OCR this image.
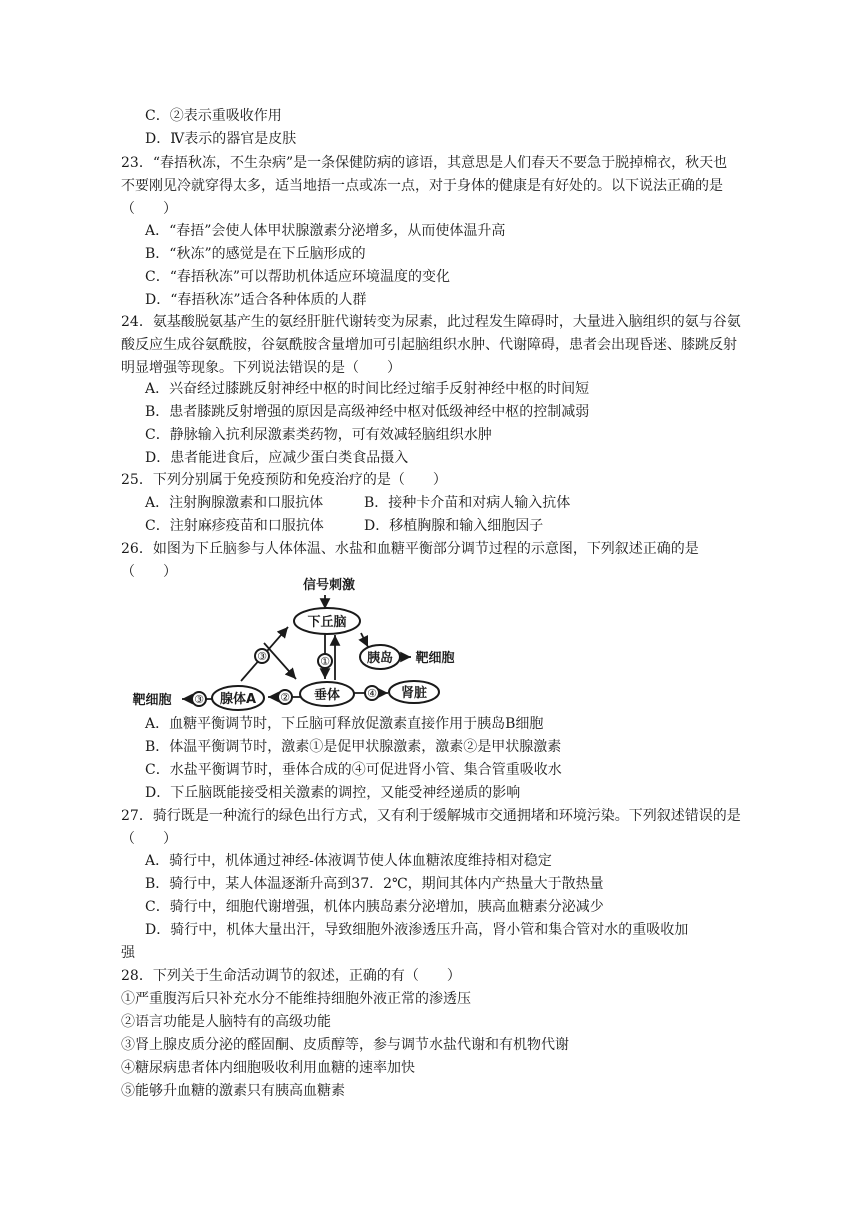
C．②表示重吸收作用
D．Ⅳ表示的器官是皮肤
23．“春捂秋冻，不生杂病”是一条保健防病的谚语，其意思是人们春天不要急于脱掉棉衣，秋天也不要刚见冷就穿得太多，适当地捂一点或冻一点，对于身体的健康是有好处的。以下说法正确的是（　　）
A．“春捂”会使人体甲状腺激素分泌增多，从而使体温升高
B．“秋冻”的感觉是在下丘脑形成的
C．“春捂秋冻”可以帮助机体适应环境温度的变化
D．“春捂秋冻”适合各种体质的人群
24．氨基酸脱氨基产生的氨经肝脏代谢转变为尿素，此过程发生障碍时，大量进入脑组织的氨与谷氨酸反应生成谷氨酰胺，谷氨酰胺含量增加可引起脑组织水肿、代谢障碍，患者会出现昏迷、膝跳反射明显增强等现象。下列说法错误的是（　　）
A．兴奋经过膝跳反射神经中枢的时间比经过缩手反射神经中枢的时间短
B．患者膝跳反射增强的原因是高级神经中枢对低级神经中枢的控制减弱
C．静脉输入抗利尿激素类药物，可有效减轻脑组织水肿
D．患者能进食后，应减少蛋白类食品摄入
25．下列分别属于免疫预防和免疫治疗的是（　　）
A．注射胸腺激素和口服抗体	B．接种卡介苗和对病人输入抗体
C．注射麻疹疫苗和口服抗体	D．移植胸腺和输入细胞因子
26．如图为下丘脑参与人体体温、水盐和血糖平衡部分调节过程的示意图，下列叙述正确的是（　　）
信号刺激
下丘脑
胰岛 靶细胞
腺体A	垂体	肾脏
靶细胞
③	①
②
③	④
A．血糖平衡调节时，下丘脑可释放促激素直接作用于胰岛B细胞
B．体温平衡调节时，激素①是促甲状腺激素，激素②是甲状腺激素
C．水盐平衡调节时，垂体合成的④可促进肾小管、集合管重吸收水
D．下丘脑既能接受相关激素的调控，又能受神经递质的影响
27．骑行既是一种流行的绿色出行方式，又有利于缓解城市交通拥堵和环境污染。下列叙述错误的是（　　）
A．骑行中，机体通过神经-体液调节使人体血糖浓度维持相对稳定
B．骑行中，某人体温逐渐升高到37．2℃，期间其体内产热量大于散热量
C．骑行中，细胞代谢增强，机体内胰岛素分泌增加，胰高血糖素分泌减少
D．骑行中，机体大量出汗，导致细胞外液渗透压升高，肾小管和集合管对水的重吸收加
强
28．下列关于生命活动调节的叙述，正确的有（　　）
①严重腹泻后只补充水分不能维持细胞外液正常的渗透压
②语言功能是人脑特有的高级功能
③肾上腺皮质分泌的醛固酮、皮质醇等，参与调节水盐代谢和有机物代谢
④糖尿病患者体内细胞吸收利用血糖的速率加快
⑤能够升血糖的激素只有胰高血糖素
